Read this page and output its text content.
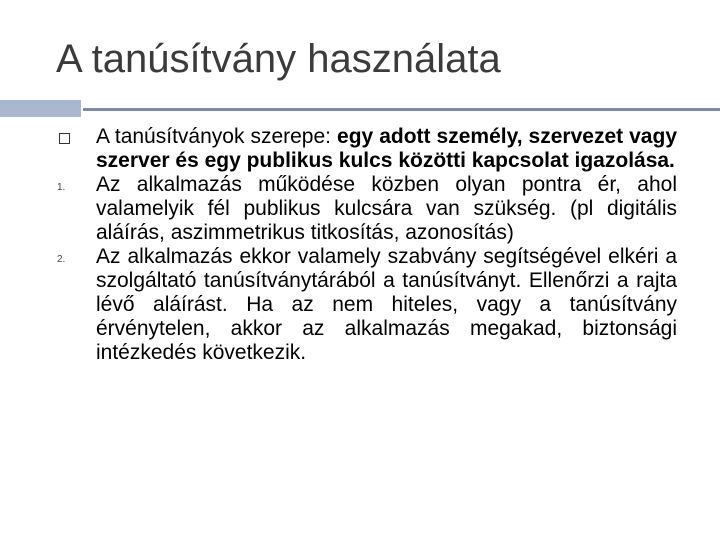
A tanúsítvány használata
A tanúsítványok szerepe: egy adott személy, szervezet vagy szerver és egy publikus kulcs közötti kapcsolat igazolása.
1.	Az alkalmazás működése közben olyan pontra ér, ahol valamelyik fél publikus kulcsára van szükség. (pl digitális aláírás, aszimmetrikus titkosítás, azonosítás)
2.	Az alkalmazás ekkor valamely szabvány segítségével elkéri a szolgáltató tanúsítványtárából a tanúsítványt. Ellenőrzi a rajta lévő aláírást. Ha az nem hiteles, vagy a tanúsítvány érvénytelen, akkor az alkalmazás megakad, biztonsági intézkedés következik.
